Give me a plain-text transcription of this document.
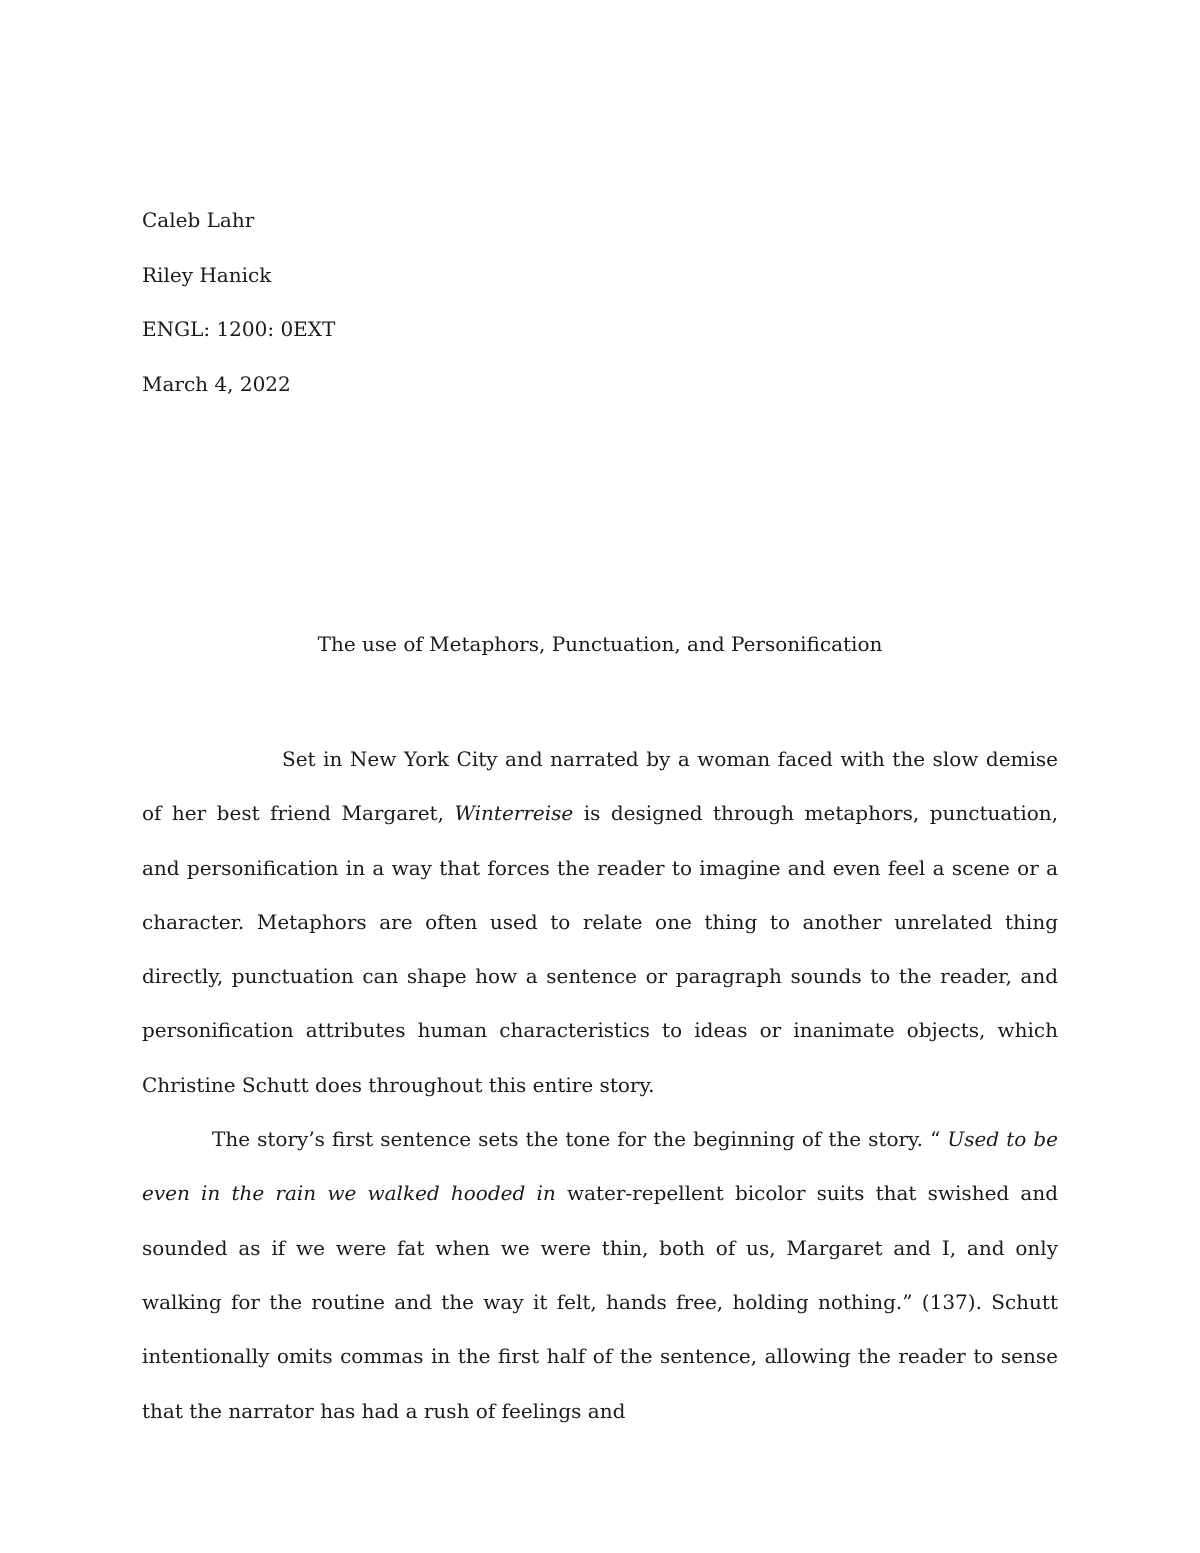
Caleb Lahr
Riley Hanick
ENGL: 1200: 0EXT
March 4, 2022
The use of Metaphors, Punctuation, and Personification

Set in New York City and narrated by a woman faced with the slow demise of her best friend Margaret, Winterreise is designed through metaphors, punctuation, and personification in a way that forces the reader to imagine and even feel a scene or a character. Metaphors are often used to relate one thing to another unrelated thing directly, punctuation can shape how a sentence or paragraph sounds to the reader, and personification attributes human characteristics to ideas or inanimate objects, which Christine Schutt does throughout this entire story.

The story’s first sentence sets the tone for the beginning of the story. “ Used to be even in the rain we walked hooded in water-repellent bicolor suits that swished and sounded as if we were fat when we were thin, both of us, Margaret and I, and only walking for the routine and the way it felt, hands free, holding nothing.” (137). Schutt intentionally omits commas in the first half of the sentence, allowing the reader to sense that the narrator has had a rush of feelings and
